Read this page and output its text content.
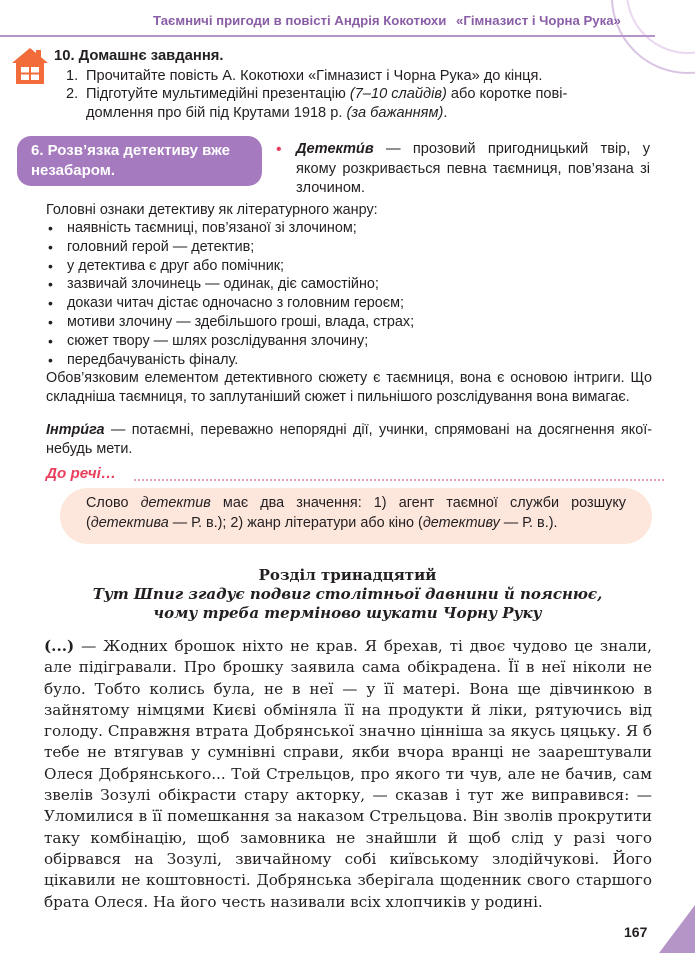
Таємничі пригоди в повісті Андрія Кокотюхи «Гімназист і Чорна Рука»
10. Домашнє завдання.
1. Прочитайте повість А. Кокотюхи «Гімназист і Чорна Рука» до кінця.
2. Підготуйте мультимедійні презентацію (7–10 слайдів) або коротке пові-
домлення про бій під Крутами 1918 р. (за бажанням).
6. Розв’язка детективу вже незабаром.
• Детекти́в — прозовий пригодницький твір, у якому розкривається певна таємниця, пов’язана зі злочином.
Головні ознаки детективу як літературного жанру:
• наявність таємниці, пов’язаної зі злочином;
• головний герой — детектив;
• у детектива є друг або помічник;
• зазвичай злочинець — одинак, діє самостійно;
• докази читач дістає одночасно з головним героєм;
• мотиви злочину — здебільшого гроші, влада, страх;
• сюжет твору — шлях розслідування злочину;
• передбачуваність фіналу.
Обов’язковим елементом детективного сюжету є таємниця, вона є основою інтриги. Що складніша таємниця, то заплутаніший сюжет і пильнішого розслідування вона вимагає.
Інтри́га — потаємні, переважно непорядні дії, учинки, спрямовані на досягнення якої-небудь мети.
До речі…
Слово детектив має два значення: 1) агент таємної служби розшуку (детектива — Р. в.); 2) жанр літератури або кіно (детективу — Р. в.).
Розділ тринадцятий
Тут Шпиг згадує подвиг столітньої давнини й пояснює,
чому треба терміново шукати Чорну Руку

(...) — Жодних брошок ніхто не крав. Я брехав, ті двоє чудово це знали, але підігравали. Про брошку заявила сама обікрадена. Її в неї ніколи не було. Тобто колись була, не в неї — у її матері. Вона ще дівчинкою в зайнятому німцями Києві обміняла її на продукти й ліки, рятуючись від голоду. Справжня втрата Добрянської значно цінніша за якусь цяцьку. Я б тебе не втягував у сумнівні справи, якби вчора вранці не заарештували Олеся Добрянського... Той Стрельцов, про якого ти чув, але не бачив, сам звелів Зозулі обікрасти стару акторку, — сказав і тут же виправився: — Уломилися в її помешкання за наказом Стрельцова. Він зволів прокрутити таку комбінацію, щоб замовника не знайшли й щоб слід у разі чого обірвався на Зозулі, звичайному собі київському злодійчукові. Його цікавили не коштовності. Добрянська зберігала щоденник свого старшого брата Олеся. На його честь називали всіх хлопчиків у родині.

167
